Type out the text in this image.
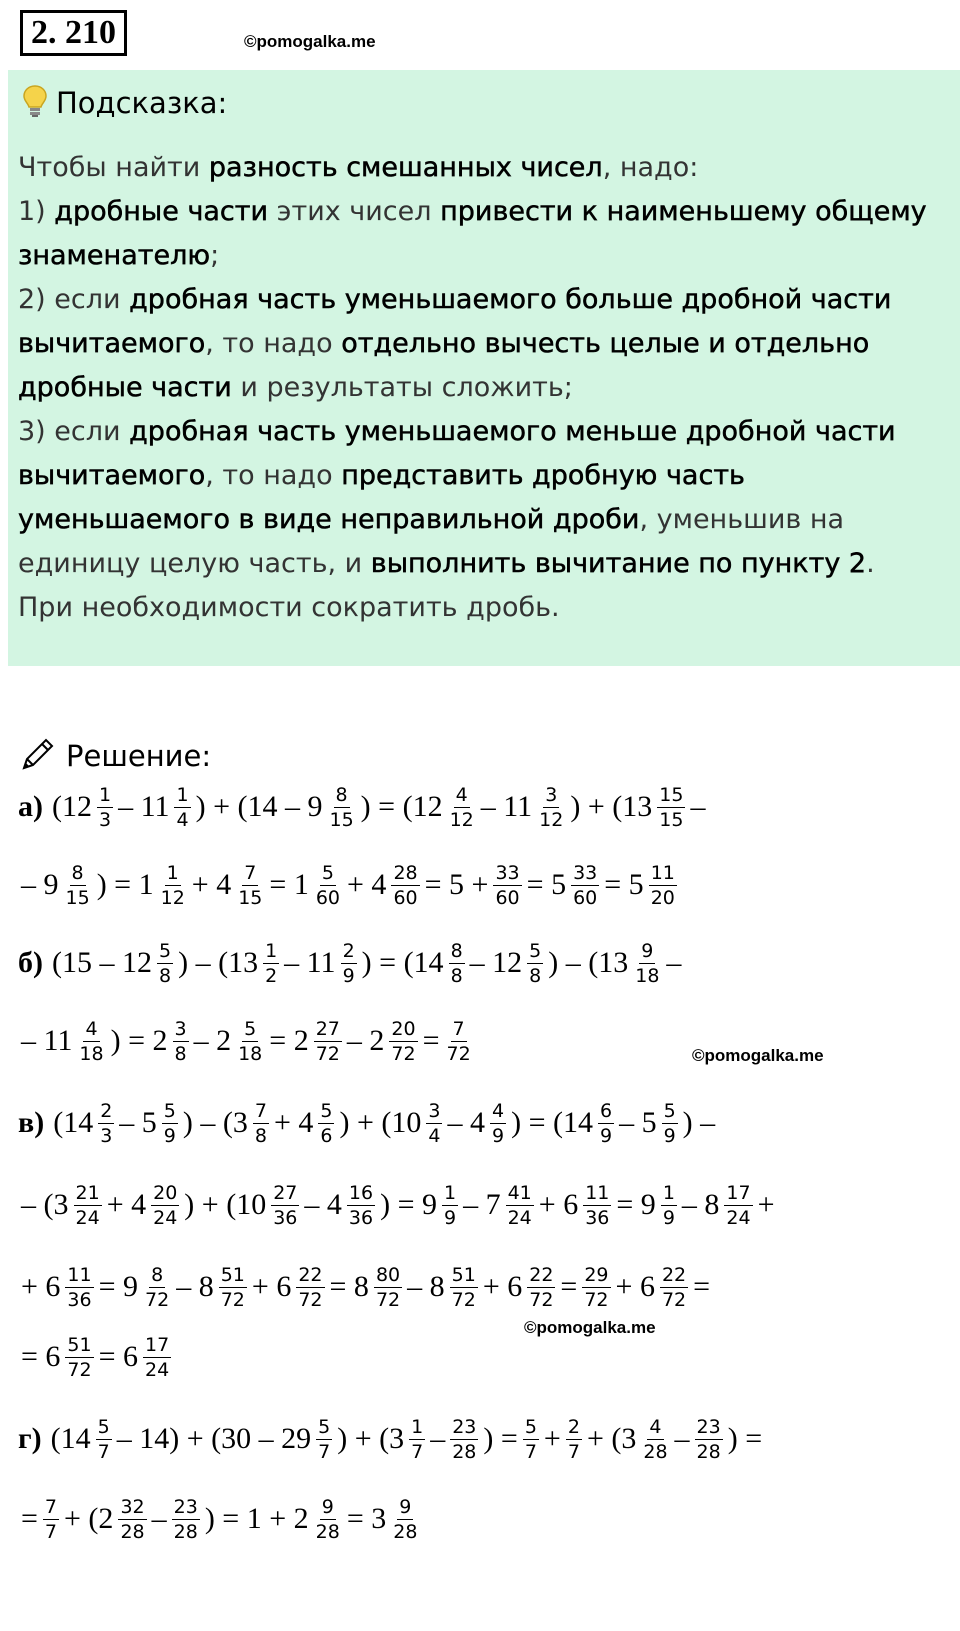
2. 210	©pomogalka.me
Подсказка:
Чтобы найти разность смешанных чисел, надо:
1) дробные части этих чисел привести к наименьшему общему знаменателю;
2) если дробная часть уменьшаемого больше дробной части вычитаемого, то надо отдельно вычесть целые и отдельно дробные части и результаты сложить;
3) если дробная часть уменьшаемого меньше дробной части вычитаемого, то надо представить дробную часть уменьшаемого в виде неправильной дроби, уменьшив на единицу целую часть, и выполнить вычитание по пункту 2.
При необходимости сократить дробь.
Решение:
а) ($12 \frac{1}{3} - 11 \frac{1}{4}$ ) + ($14 - 9 \frac{8}{15}$ ) = ($12 \frac{4}{12} - 11 \frac{3}{12}$ ) + ($13 \frac{15}{15}$ –
– $9 \frac{8}{15}$ ) = $1 \frac{1}{12} + 4 \frac{7}{15} = 1 \frac{5}{60} + 4 \frac{28}{60} = 5 + \frac{33}{60} = 5 \frac{33}{60} = 5 \frac{11}{20}$
б) ($15 - 12 \frac{5}{8}$ ) – ($13 \frac{1}{2} - 11 \frac{2}{9}$ ) = ($14 \frac{8}{8} - 12 \frac{5}{8}$ ) – ($13 \frac{9}{18}$ –
– $11 \frac{4}{18}$ ) = $2 \frac{3}{8} - 2 \frac{5}{18} = 2 \frac{27}{72} - 2 \frac{20}{72} = \frac{7}{72}$
в) ($14 \frac{2}{3} - 5 \frac{5}{9}$ ) – ($3 \frac{7}{8} + 4 \frac{5}{6}$ ) + ($10 \frac{3}{4} - 4 \frac{4}{9}$ ) = ($14 \frac{6}{9} - 5 \frac{5}{9}$ ) –
– ($3 \frac{21}{24} + 4 \frac{20}{24}$ ) + ($10 \frac{27}{36} - 4 \frac{16}{36}$ ) = $9 \frac{1}{9} - 7 \frac{41}{24} + 6 \frac{11}{36} = 9 \frac{1}{9} - 8 \frac{17}{24}$ +
+ $6 \frac{11}{36} = 9 \frac{8}{72} - 8 \frac{51}{72} + 6 \frac{22}{72} = 8 \frac{80}{72} - 8 \frac{51}{72} + 6 \frac{22}{72} = \frac{29}{72} + 6 \frac{22}{72}$ =
= $6 \frac{51}{72} = 6 \frac{17}{24}$
г) $(14 \frac{5}{7} - 14) + (30 - 29 \frac{5}{7}$ ) + ($3 \frac{1}{7} - \frac{23}{28}$ ) = $\frac{5}{7} + \frac{2}{7} + (3 \frac{4}{28} - \frac{23}{28}$ ) =
= $\frac{7}{7} + (2 \frac{32}{28} - \frac{23}{28}$ ) = $1 + 2 \frac{9}{28} = 3 \frac{9}{28}$
©pomogalka.me
©pomogalka.me
